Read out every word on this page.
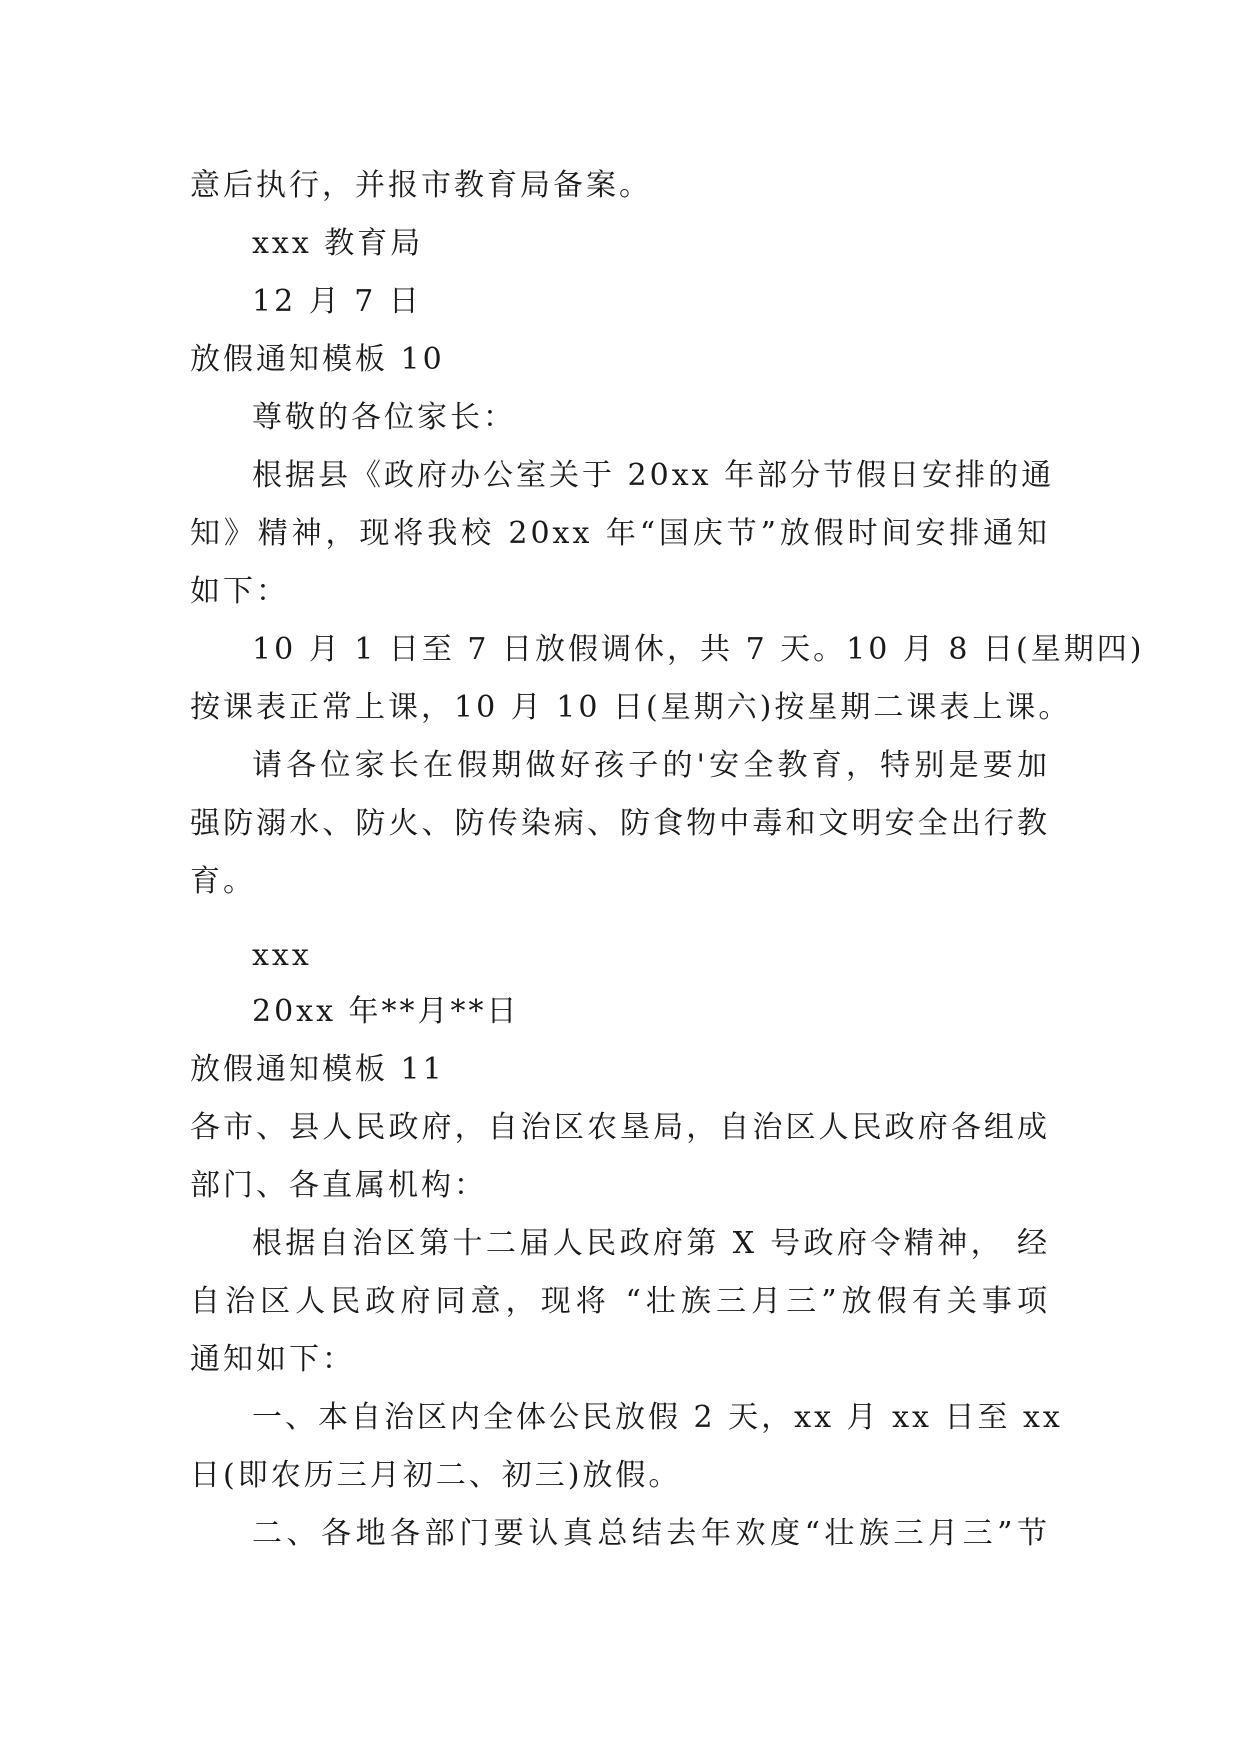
意后执行，并报市教育局备案。
xxx 教育局
12 月 7 日
放假通知模板 10
尊敬的各位家长：
根据县《政府办公室关于 20xx 年部分节假日安排的通
知》精神，现将我校 20xx 年“国庆节”放假时间安排通知
如下：
10 月 1 日至 7 日放假调休，共 7 天。10 月 8 日(星期四)
按课表正常上课，10 月 10 日(星期六)按星期二课表上课。
请各位家长在假期做好孩子的'安全教育，特别是要加
强防溺水、防火、防传染病、防食物中毒和文明安全出行教
育。
xxx
20xx 年**月**日
放假通知模板 11
各市、县人民政府，自治区农垦局，自治区人民政府各组成
部门、各直属机构：
根据自治区第十二届人民政府第 X 号政府令精神， 经
自治区人民政府同意，现将 “壮族三月三”放假有关事项
通知如下：
一、本自治区内全体公民放假 2 天，xx 月 xx 日至 xx
日(即农历三月初二、初三)放假。
二、各地各部门要认真总结去年欢度“壮族三月三”节
